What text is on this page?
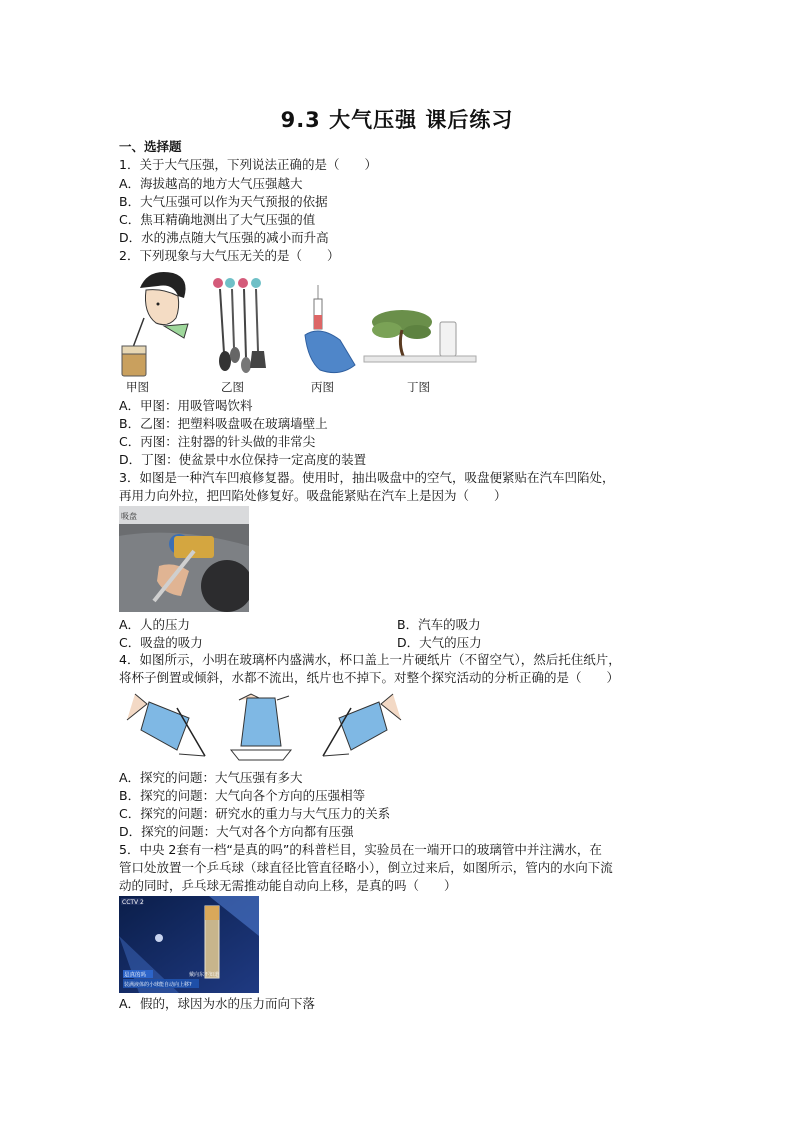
9.3 大气压强 课后练习
一、选择题
1．关于大气压强，下列说法正确的是（　　）
A．海拔越高的地方大气压强越大
B．大气压强可以作为天气预报的依据
C．焦耳精确地测出了大气压强的值
D．水的沸点随大气压强的减小而升高
2．下列现象与大气压无关的是（　　）
甲图	乙图	丙图	丁图
A．甲图：用吸管喝饮料
B．乙图：把塑料吸盘吸在玻璃墙壁上
C．丙图：注射器的针头做的非常尖
D．丁图：使盆景中水位保持一定高度的装置
3．如图是一种汽车凹痕修复器。使用时，抽出吸盘中的空气，吸盘便紧贴在汽车凹陷处，
再用力向外拉，把凹陷处修复好。吸盘能紧贴在汽车上是因为（　　）
吸盘
A．人的压力	B．汽车的吸力
C．吸盘的吸力	D．大气的压力
4．如图所示，小明在玻璃杯内盛满水，杯口盖上一片硬纸片（不留空气），然后托住纸片，
将杯子倒置或倾斜，水都不流出，纸片也不掉下。对整个探究活动的分析正确的是（　　）
A．探究的问题：大气压强有多大
B．探究的问题：大气向各个方向的压强相等
C．探究的问题：研究水的重力与大气压力的关系
D．探究的问题：大气对各个方向都有压强
5．中央 2套有一档“是真的吗”的科普栏目，实验员在一端开口的玻璃管中并注满水，在
管口处放置一个乒乓球（球直径比管直径略小），倒立过来后，如图所示，管内的水向下流
动的同时，乒乓球无需推动能自动向上移，是真的吗（　　）
CCTV 2
是真的吗
装满液体的小球能自动向上移?
戴向东不知道
A．假的，球因为水的压力而向下落
